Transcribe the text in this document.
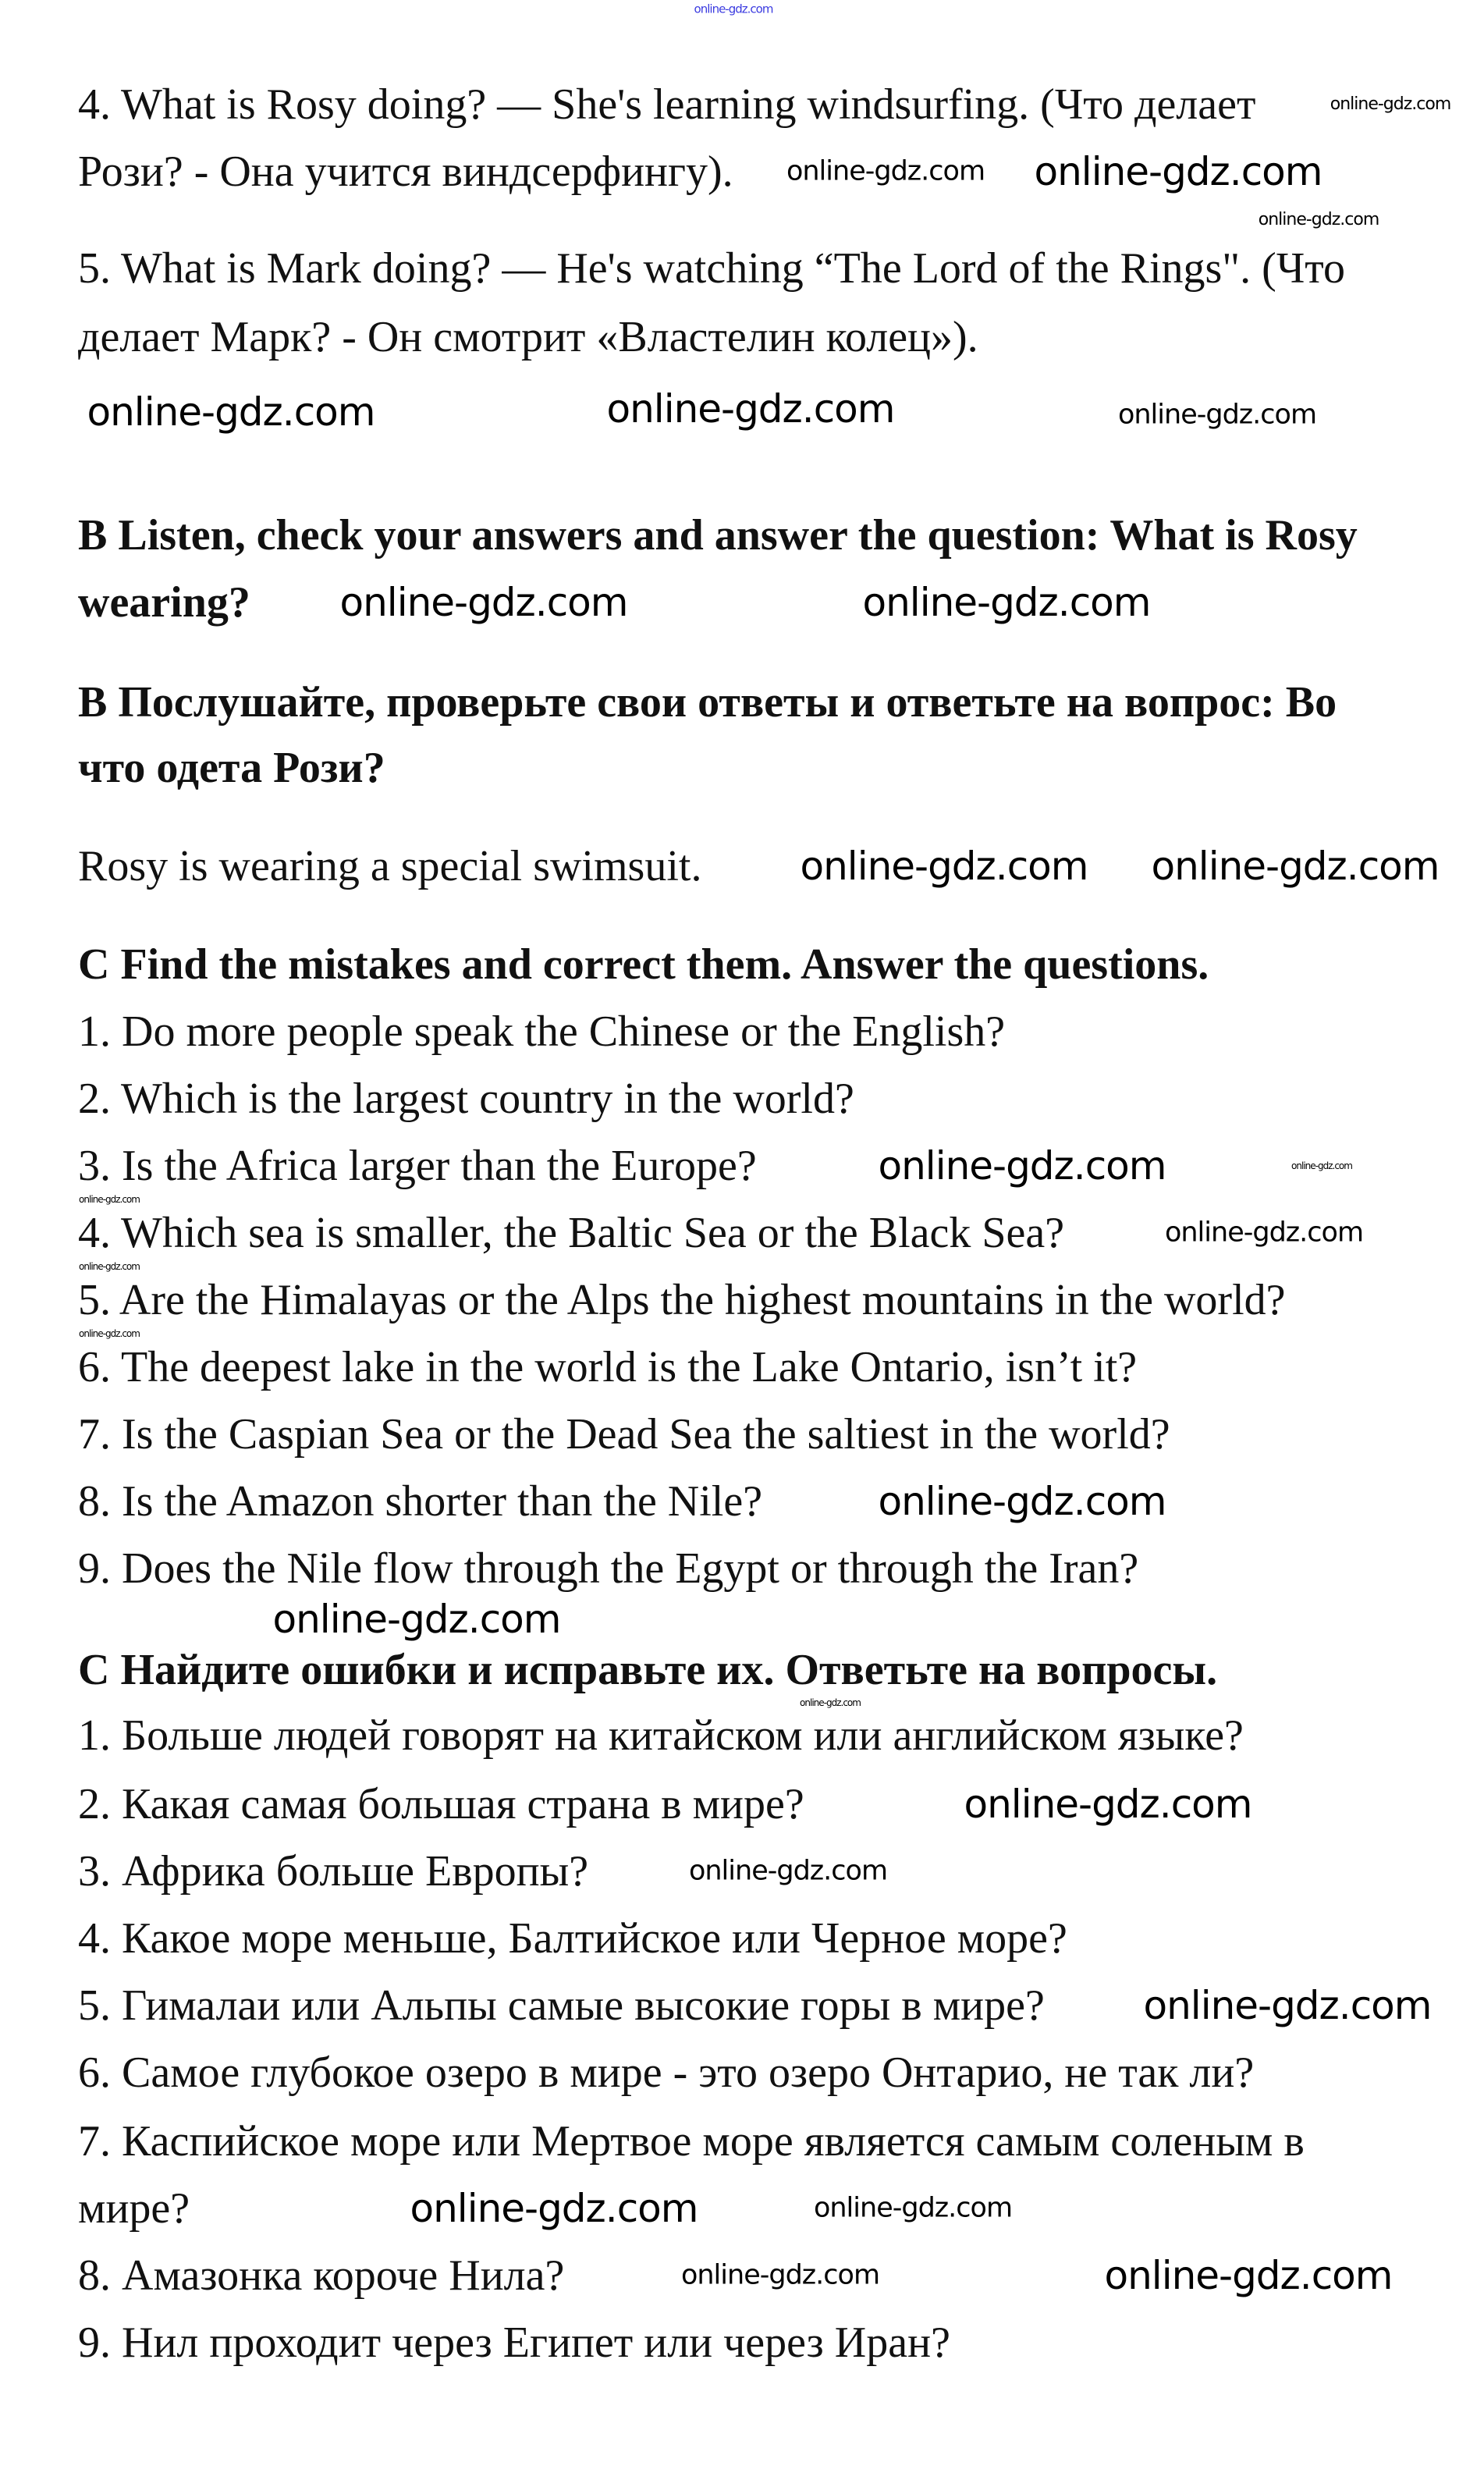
4. What is Rosy doing? — She's learning windsurfing. (Что делает
Рози? - Она учится виндсерфингу).
5. What is Mark doing? — He's watching “The Lord of the Rings". (Что
делает Марк? - Он смотрит «Властелин колец»).
B Listen, check your answers and answer the question: What is Rosy
wearing?
В Послушайте, проверьте свои ответы и ответьте на вопрос: Во
что одета Рози?
Rosy is wearing a special swimsuit.
C Find the mistakes and correct them. Answer the questions.
1. Do more people speak the Chinese or the English?
2. Which is the largest country in the world?
3. Is the Africa larger than the Europe?
4. Which sea is smaller, the Baltic Sea or the Black Sea?
5. Are the Himalayas or the Alps the highest mountains in the world?
6. The deepest lake in the world is the Lake Ontario, isn’t it?
7. Is the Caspian Sea or the Dead Sea the saltiest in the world?
8. Is the Amazon shorter than the Nile?
9. Does the Nile flow through the Egypt or through the Iran?
С Найдите ошибки и исправьте их. Ответьте на вопросы.
1. Больше людей говорят на китайском или английском языке?
2. Какая самая большая страна в мире?
3. Африка больше Европы?
4. Какое море меньше, Балтийское или Черное море?
5. Гималаи или Альпы самые высокие горы в мире?
6. Самое глубокое озеро в мире - это озеро Онтарио, не так ли?
7. Каспийское море или Мертвое море является самым соленым в
мире?
8. Амазонка короче Нила?
9. Нил проходит через Египет или через Иран?
online-gdz.com
online-gdz.com
online-gdz.com online-gdz.com
online-gdz.com
online-gdz.com	online-gdz.com	online-gdz.com
online-gdz.com	online-gdz.com
online-gdz.com online-gdz.com
online-gdz.com
online-gdz.com
online-gdz.com
online-gdz.com
online-gdz.com
online-gdz.com
online-gdz.com
online-gdz.com
online-gdz.com
online-gdz.com
online-gdz.com
online-gdz.com
online-gdz.com	online-gdz.com
online-gdz.com	online-gdz.com
